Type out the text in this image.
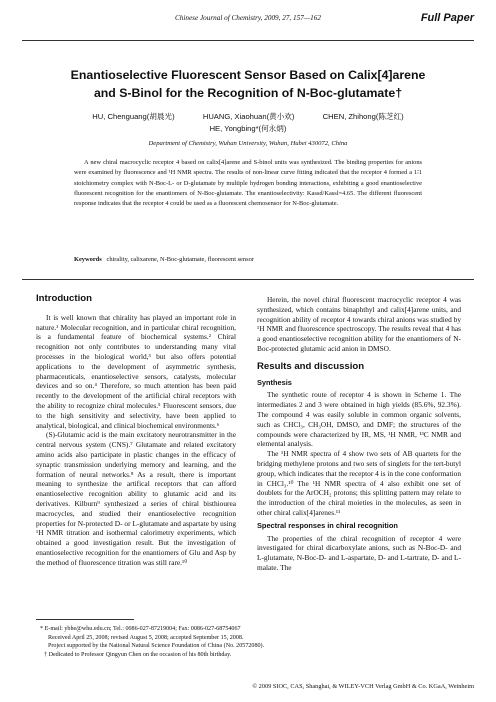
Chinese Journal of Chemistry, 2009, 27, 157—162	Full Paper
Enantioselective Fluorescent Sensor Based on Calix[4]arene
and S-Binol for the Recognition of N-Boc-glutamate†
HU, Chenguang(胡晨光)	HUANG, Xiaohuan(黄小欢)	CHEN, Zhihong(陈芝红)
HE, Yongbing*(何永炳)
Department of Chemistry, Wuhan University, Wuhan, Hubei 430072, China
A new chiral macrocyclic receptor 4 based on calix[4]arene and S-binol units was synthesized. The binding properties for anions were examined by fluorescence and ¹H NMR spectra. The results of non-linear curve fitting indicated that the receptor 4 formed a 1∶1 stoichiometry complex with N-Boc-L- or D-glutamate by multiple hydrogen bonding interactions, exhibiting a good enantioselective fluorescent recognition for the enantiomers of N-Boc-glutamate. The enantioselectivity: Kassd/Kassl=4.65. The different fluorescent response indicates that the receptor 4 could be used as a fluorescent chemosensor for N-Boc-glutamate.
Keywords chirality, calixarene, N-Boc-glutamate, fluorescent sensor
Introduction

It is well known that chirality has played an important role in nature.¹ Molecular recognition, and in particular chiral recognition, is a fundamental feature of biochemical systems.² Chiral recognition not only contributes to understanding many vital processes in the biological world,³ but also offers potential applications to the development of asymmetric synthesis, pharmaceuticals, enantioselective sensors, catalysts, molecular devices and so on.⁴ Therefore, so much attention has been paid recently to the development of the artificial chiral receptors with the ability to recognize chiral molecules.⁵ Fluorescent sensors, due to the high sensitivity and selectivity, have been applied to analytical, biological, and clinical biochemical environments.⁶

(S)-Glutamic acid is the main excitatory neurotransmitter in the central nervous system (CNS).⁷ Glutamate and related excitatory amino acids also participate in plastic changes in the efficacy of synaptic transmission underlying memory and learning, and the formation of neural networks.⁸ As a result, there is important meaning to synthesize the artifical receptors that can afford enantioselective recognition ability to glutamic acid and its derivatives. Kilburn⁹ synthesized a series of chiral bisthiourea macrocycles, and studied their enantioselective recognition properties for N-protected D- or L-glutamate and aspartate by using ¹H NMR titration and isothermal calorimetry experiments, which obtained a good investigation result. But the investigation of enantioselective recognition for the enantiomers of Glu and Asp by the method of fluorescence titration was still rare.¹⁰

Herein, the novel chiral fluorescent macrocyclic receptor 4 was synthesized, which contains binaphthyl and calix[4]arene units, and recognition ability of receptor 4 towards chiral anions was studied by ¹H NMR and fluorescence spectroscopy. The results reveal that 4 has a good enantioselective recognition ability for the enantiomers of N-Boc-protected glutamic acid anion in DMSO.

Results and discussion
Synthesis

The synthetic route of receptor 4 is shown in Scheme 1. The intermediates 2 and 3 were obtained in high yields (85.6%, 92.3%). The compound 4 was easily soluble in common organic solvents, such as CHCl₃, CH₃OH, DMSO, and DMF; the structures of the compounds were characterized by IR, MS, ¹H NMR, ¹³C NMR and elemental analysis.

The ¹H NMR spectra of 4 show two sets of AB quartets for the bridging methylene protons and two sets of singlets for the tert-butyl group, which indicates that the receptor 4 is in the cone conformation in CHCl₃.¹⁰ The ¹H NMR spectra of 4 also exhibit one set of doublets for the ArOCH₂ protons; this splitting pattern may relate to the introduction of the chiral moieties in the molecules, as seen in other chiral calix[4]arenes.¹¹

Spectral responses in chiral recognition

The properties of the chiral recognition of receptor 4 were investigated for chiral dicarboxylate anions, such as N-Boc-D- and L-glutamate, N-Boc-D- and L-aspartate, D- and L-tartrate, D- and L-malate. The

* E-mail: ybhe@whu.edu.cn; Tel.: 0086-027-87219004; Fax: 0086-027-68754067
Received April 25, 2008; revised August 5, 2008; accepted September 15, 2008.
Project supported by the National Natural Science Foundation of China (No. 20572080).
† Dedicated to Professor Qingyun Chen on the occasion of his 80th birthday.
© 2009 SIOC, CAS, Shanghai, & WILEY-VCH Verlag GmbH & Co. KGaA, Weinheim
